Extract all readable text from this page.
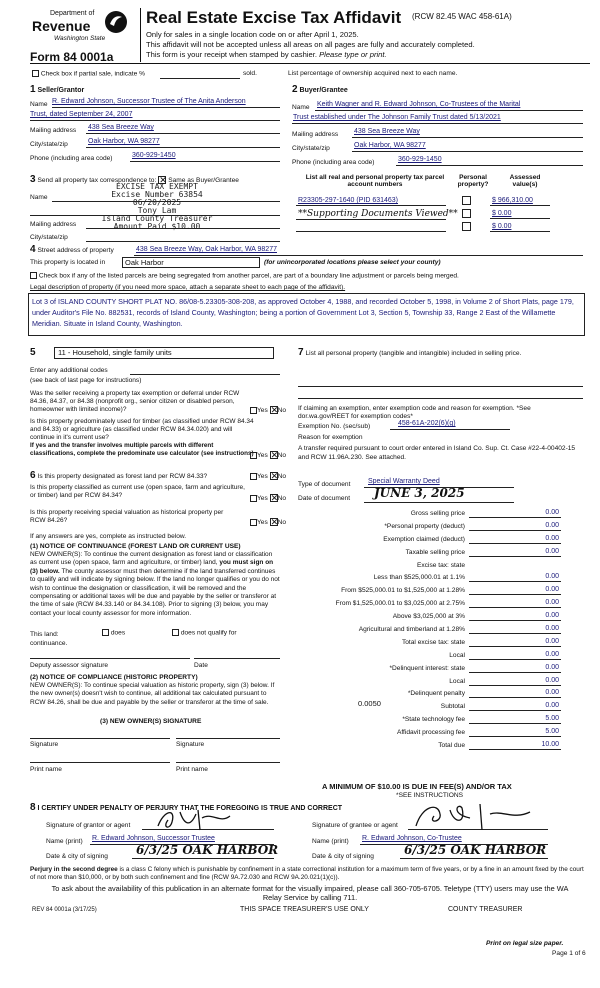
Department of
Revenue
Washington State
Form 84 0001a
Real Estate Excise Tax Affidavit (RCW 82.45 WAC 458-61A)
Only for sales in a single location code on or after April 1, 2025.
This affidavit will not be accepted unless all areas on all pages are fully and accurately completed.
This form is your receipt when stamped by cashier. Please type or print.
Check box if partial sale, indicate %	sold.	List percentage of ownership acquired next to each name.
1 Seller/Grantor
Name R. Edward Johnson, Successor Trustee of The Anita Anderson
Trust, dated September 24, 2007
Mailing address 438 Sea Breeze Way
City/state/zip	Oak Harbor, WA 98277
Phone (including area code)	360-929-1450
2 Buyer/Grantee
Name Keith Wagner and R. Edward Johnson, Co-Trustees of the Marital
Trust established under The Johnson Family Trust dated 5/13/2021
Mailing address 438 Sea Breeze Way
City/state/zip	Oak Harbor, WA 98277
Phone (including area code)	360-929-1450
3 Send all property tax correspondence to: ✕ Same as Buyer/Grantee
Name
Mailing address
City/state/zip
EXCISE TAX EXEMPT
Excise Number 63854
06/20/2025
Tony Lam
Island County Treasurer
Amount Paid $10.00
List all real and personal property tax parcel account numbers
Personal property?
Assessed value(s)
R23305-297-1640 (PID 631463)	$ 966,310.00
**Supporting Documents Viewed**	$ 0.00
$ 0.00
4 Street address of property	438 Sea Breeze Way, Oak Harbor, WA 98277
This property is located in	Oak Harbor	(for unincorporated locations please select your county)
Check box if any of the listed parcels are being segregated from another parcel, are part of a boundary line adjustment or parcels being merged.
Legal description of property (if you need more space, attach a separate sheet to each page of the affidavit).
Lot 3 of ISLAND COUNTY SHORT PLAT NO. 86/08-5.23305-308-208, as approved October 4, 1988, and recorded October 5, 1998, in Volume 2 of Short Plats, page 179, under Auditor's File No. 882531, records of Island County, Washington; being a portion of Government Lot 3, Section 5, Township 33, Range 2 East of the Willamette Meridian. Situate in Island County, Washington.
5	11 - Household, single family units
Enter any additional codes
(see back of last page for instructions)
Was the seller receiving a property tax exemption or deferral under RCW 84.36, 84.37, or 84.38 (nonprofit org., senior citizen or disabled person, homeowner with limited income)?	Yes ✕ No
Is this property predominately used for timber (as classified under RCW 84.34 and 84.33) or agriculture (as classified under RCW 84.34.020) and will continue in it's current use?
If yes and the transfer involves multiple parcels with different classifications, complete the predominate use calculator (see instructions) Yes ✕ No
6 Is this property designated as forest land per RCW 84.33?	Yes ✕ No
Is this property classified as current use (open space, farm and agriculture, or timber) land per RCW 84.34?	Yes ✕ No
Is this property receiving special valuation as historical property per RCW 84.26?	Yes ✕ No
If any answers are yes, complete as instructed below.
(1) NOTICE OF CONTINUANCE (FOREST LAND OR CURRENT USE)
NEW OWNER(S): To continue the current designation as forest land or classification as current use (open space, farm and agriculture, or timber) land, you must sign on (3) below. The county assessor must then determine if the land transferred continues to qualify and will indicate by signing below. If the land no longer qualifies or you do not wish to continue the designation or classification, it will be removed and the compensating or additional taxes will be due and payable by the seller or transferor at the time of sale (RCW 84.33.140 or 84.34.108). Prior to signing (3) below, you may contact your local county assessor for more information.
This land:	does	does not qualify for
continuance.
Deputy assessor signature	Date
(2) NOTICE OF COMPLIANCE (HISTORIC PROPERTY)
NEW OWNER(S): To continue special valuation as historic property, sign (3) below. If the new owner(s) doesn't wish to continue, all additional tax calculated pursuant to RCW 84.26, shall be due and payable by the seller or transferor at the time of sale.
(3) NEW OWNER(S) SIGNATURE
Signature	Signature
Print name	Print name
7 List all personal property (tangible and intangible) included in selling price.
If claiming an exemption, enter exemption code and reason for exemption. *See dor.wa.gov/REET for exemption codes*
Exemption No. (sec/sub)	458-61A-202(6)(g)
Reason for exemption
A transfer required pursuant to court order entered in Island Co. Sup. Ct. Case #22-4-00402-15 and RCW 11.96A.230. See attached.
Type of document	Special Warranty Deed
Date of document JUNE 3, 2025
Gross selling price	0.00
*Personal property (deduct)	0.00
Exemption claimed (deduct)	0.00
Taxable selling price	0.00
Excise tax: state
Less than $525,000.01 at 1.1%	0.00
From $525,000.01 to $1,525,000 at 1.28%	0.00
From $1,525,000.01 to $3,025,000 at 2.75%	0.00
Above $3,025,000 at 3%	0.00
Agricultural and timberland at 1.28%	0.00
Total excise tax: state	0.00
Local	0.00
*Delinquent interest: state	0.00
Local	0.00
*Delinquent penalty	0.00
Subtotal	0.00
*State technology fee	5.00
Affidavit processing fee	5.00
Total due	10.00
0.0050
A MINIMUM OF $10.00 IS DUE IN FEE(S) AND/OR TAX
*SEE INSTRUCTIONS
8 I CERTIFY UNDER PENALTY OF PERJURY THAT THE FOREGOING IS TRUE AND CORRECT
Signature of grantor or agent
Name (print) R. Edward Johnson, Successor Trustee
Date & city of signing 6/3/25 OAK HARBOR
Signature of grantee or agent
Name (print) R. Edward Johnson, Co-Trustee
Date & city of signing	6/3/25 OAK HARBOR
Perjury in the second degree is a class C felony which is punishable by confinement in a state correctional institution for a maximum term of five years, or by a fine in an amount fixed by the court of not more than $10,000, or by both such confinement and fine (RCW 9A.72.030 and RCW 9A.20.021(1)(c)).
To ask about the availability of this publication in an alternate format for the visually impaired, please call 360-705-6705. Teletype (TTY) users may use the WA Relay Service by calling 711.
REV 84 0001a (3/17/25)	THIS SPACE TREASURER'S USE ONLY	COUNTY TREASURER
Print on legal size paper.
Page 1 of 6
